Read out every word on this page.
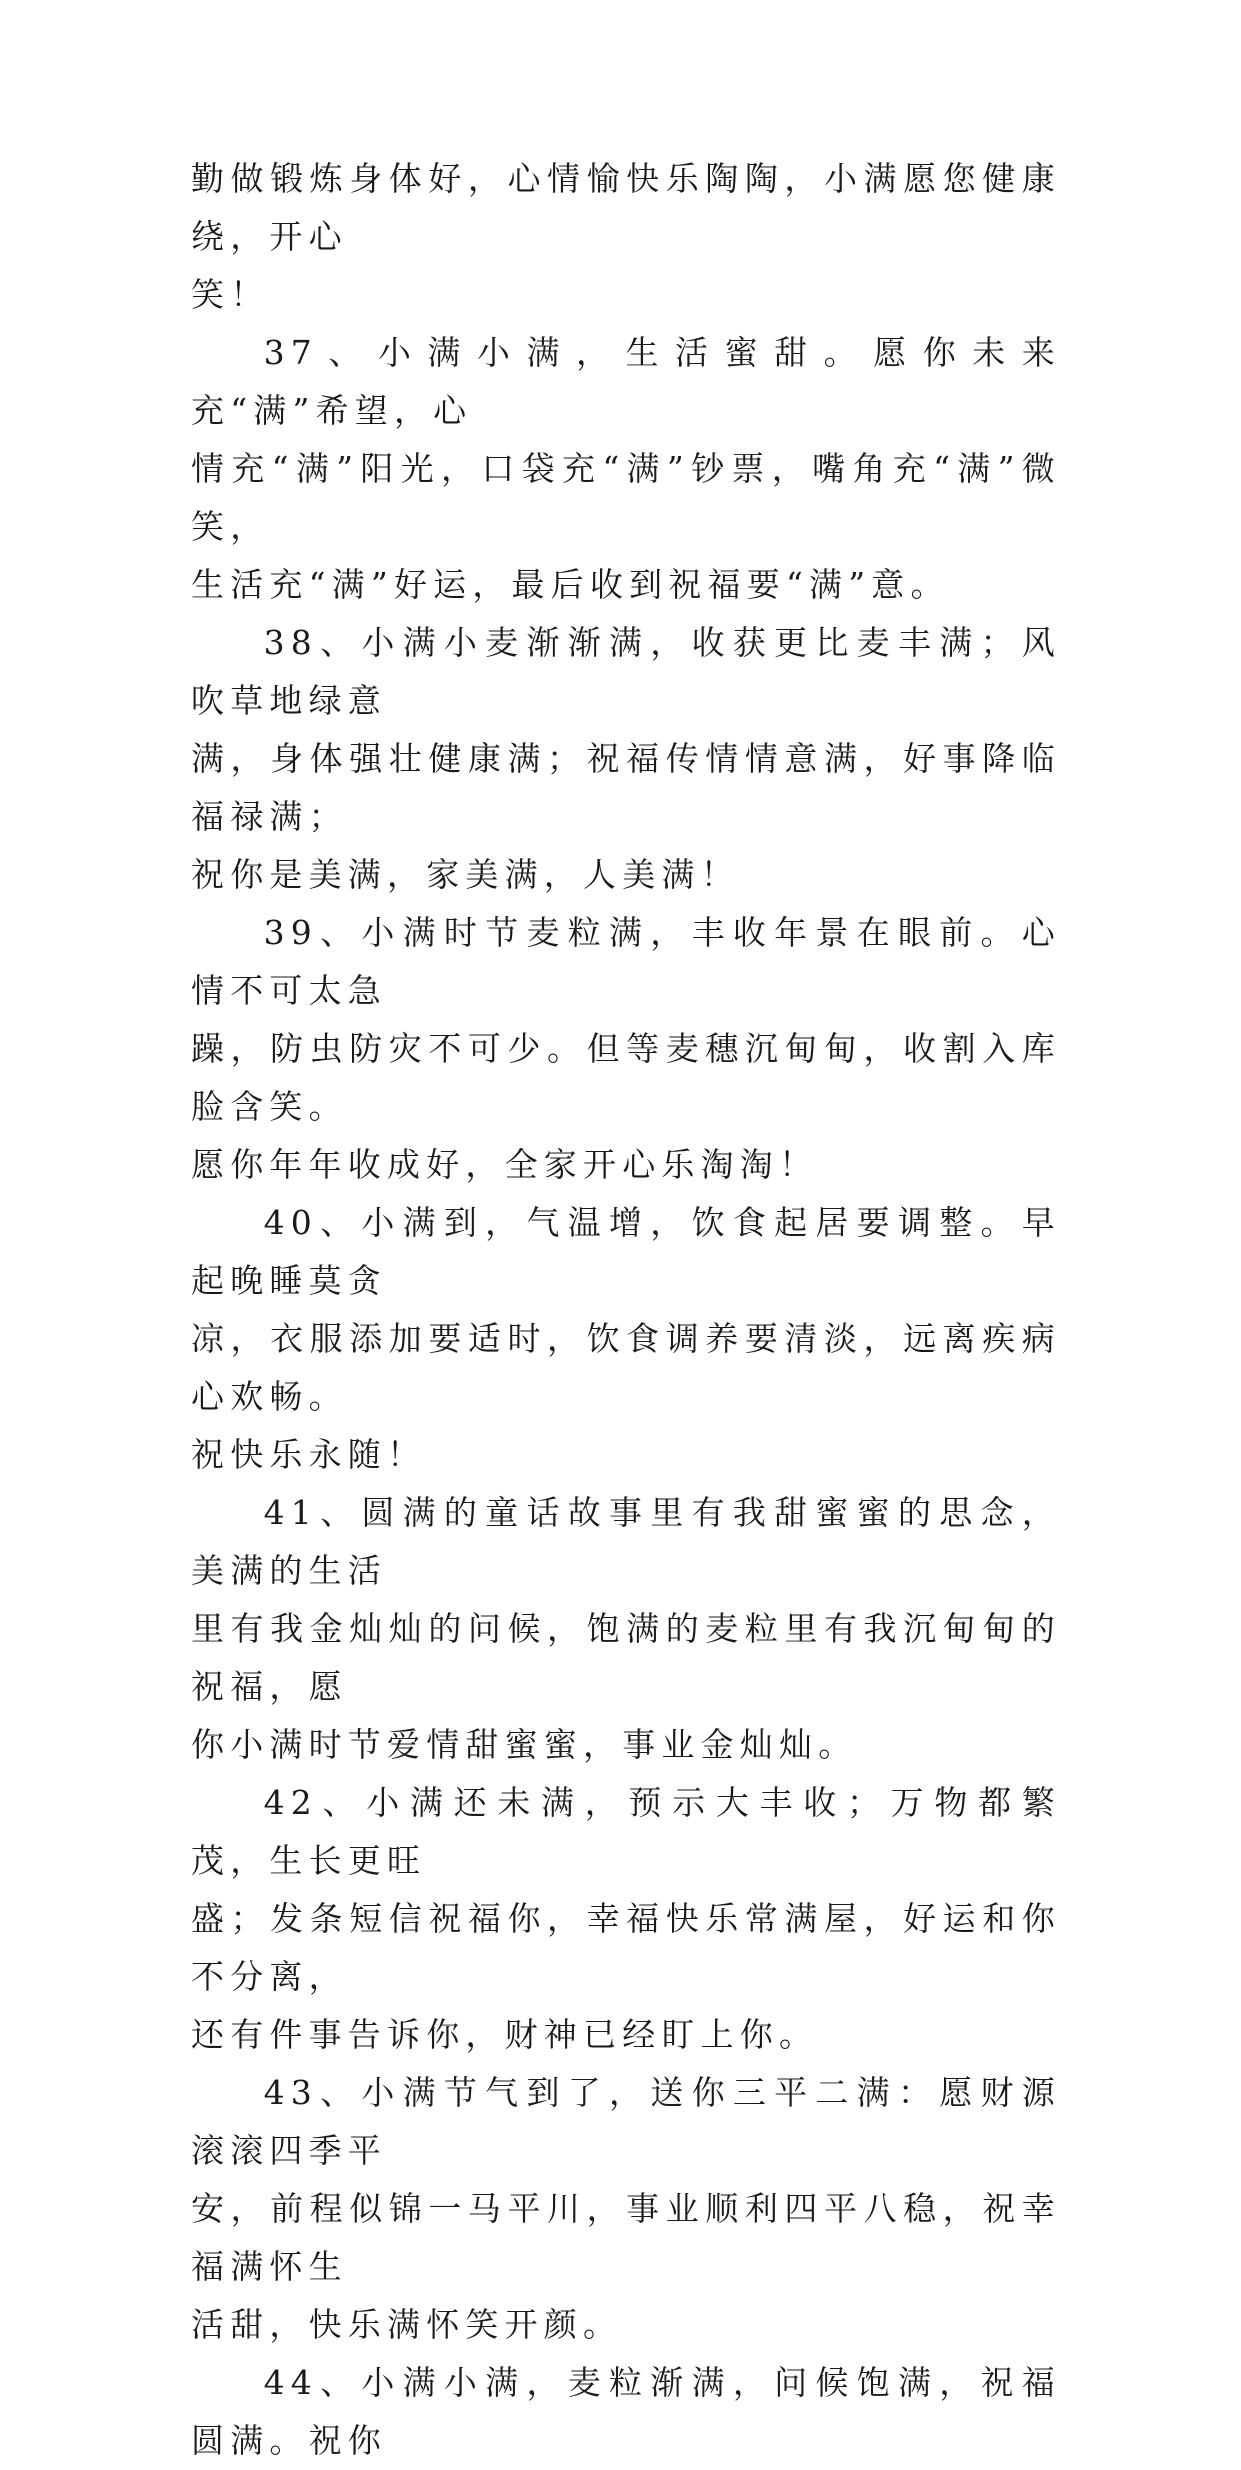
勤做锻炼身体好，心情愉快乐陶陶，小满愿您健康绕，开心
笑！
37、小满小满，生活蜜甜。愿你未来充“满”希望，心
情充“满”阳光，口袋充“满”钞票，嘴角充“满”微笑，
生活充“满”好运，最后收到祝福要“满”意。
38、小满小麦渐渐满，收获更比麦丰满；风吹草地绿意
满，身体强壮健康满；祝福传情情意满，好事降临福禄满；
祝你是美满，家美满，人美满！
39、小满时节麦粒满，丰收年景在眼前。心情不可太急
躁，防虫防灾不可少。但等麦穗沉甸甸，收割入库脸含笑。
愿你年年收成好，全家开心乐淘淘！
40、小满到，气温增，饮食起居要调整。早起晚睡莫贪
凉，衣服添加要适时，饮食调养要清淡，远离疾病心欢畅。
祝快乐永随！
41、圆满的童话故事里有我甜蜜蜜的思念，美满的生活
里有我金灿灿的问候，饱满的麦粒里有我沉甸甸的祝福，愿
你小满时节爱情甜蜜蜜，事业金灿灿。
42、小满还未满，预示大丰收；万物都繁茂，生长更旺
盛；发条短信祝福你，幸福快乐常满屋，好运和你不分离，
还有件事告诉你，财神已经盯上你。
43、小满节气到了，送你三平二满：愿财源滚滚四季平
安，前程似锦一马平川，事业顺利四平八稳，祝幸福满怀生
活甜，快乐满怀笑开颜。
44、小满小满，麦粒渐满，问候饱满，祝福圆满。祝你
